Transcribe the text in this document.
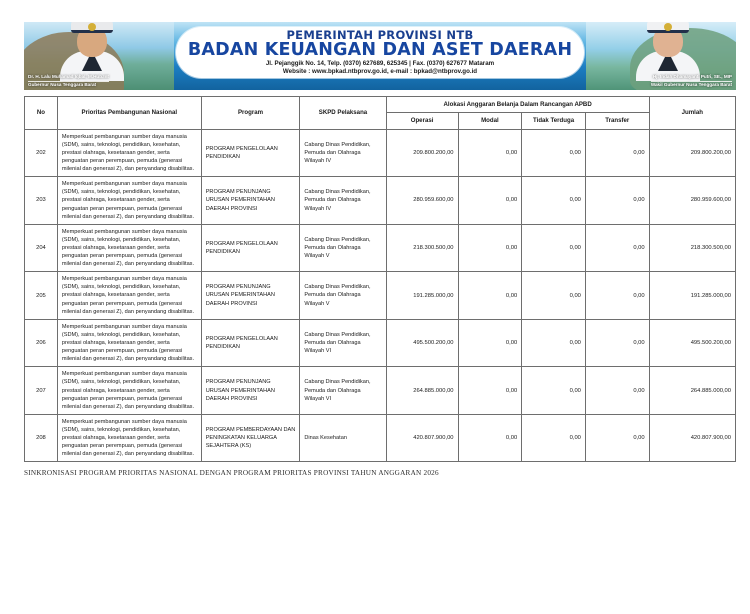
Dr. H. Lalu Muhamad Iqbal, M.Hub.Int
Gubernur Nusa Tenggara Barat
Hj. Indah Dhamayanti Putri, SE., MIP
Wakil Gubernur Nusa Tenggara Barat
PEMERINTAH PROVINSI NTB
BADAN KEUANGAN DAN ASET DAERAH
Jl. Pejanggik No. 14, Telp. (0370) 627689, 625345 | Fax. (0370) 627677 Mataram
Website : www.bpkad.ntbprov.go.id, e-mail : bpkad@ntbprov.go.id
No	Prioritas Pembangunan Nasional	Program	SKPD Pelaksana	Alokasi Anggaran Belanja Dalam Rancangan APBD				Jumlah
				Operasi	Modal	Tidak Terduga	Transfer	
202	Memperkuat pembangunan sumber daya manusia (SDM), sains, teknologi, pendidikan, kesehatan, prestasi olahraga, kesetaraan gender, serta penguatan peran perempuan, pemuda (generasi milenial dan generasi Z), dan penyandang disabilitas.	PROGRAM PENGELOLAAN PENDIDIKAN	Cabang Dinas Pendidikan, Pemuda dan Olahraga Wilayah IV	209.800.200,00	0,00	0,00	0,00	209.800.200,00
203	Memperkuat pembangunan sumber daya manusia (SDM), sains, teknologi, pendidikan, kesehatan, prestasi olahraga, kesetaraan gender, serta penguatan peran perempuan, pemuda (generasi milenial dan generasi Z), dan penyandang disabilitas.	PROGRAM PENUNJANG URUSAN PEMERINTAHAN DAERAH PROVINSI	Cabang Dinas Pendidikan, Pemuda dan Olahraga Wilayah IV	280.959.600,00	0,00	0,00	0,00	280.959.600,00
204	Memperkuat pembangunan sumber daya manusia (SDM), sains, teknologi, pendidikan, kesehatan, prestasi olahraga, kesetaraan gender, serta penguatan peran perempuan, pemuda (generasi milenial dan generasi Z), dan penyandang disabilitas.	PROGRAM PENGELOLAAN PENDIDIKAN	Cabang Dinas Pendidikan, Pemuda dan Olahraga Wilayah V	218.300.500,00	0,00	0,00	0,00	218.300.500,00
205	Memperkuat pembangunan sumber daya manusia (SDM), sains, teknologi, pendidikan, kesehatan, prestasi olahraga, kesetaraan gender, serta penguatan peran perempuan, pemuda (generasi milenial dan generasi Z), dan penyandang disabilitas.	PROGRAM PENUNJANG URUSAN PEMERINTAHAN DAERAH PROVINSI	Cabang Dinas Pendidikan, Pemuda dan Olahraga Wilayah V	191.285.000,00	0,00	0,00	0,00	191.285.000,00
206	Memperkuat pembangunan sumber daya manusia (SDM), sains, teknologi, pendidikan, kesehatan, prestasi olahraga, kesetaraan gender, serta penguatan peran perempuan, pemuda (generasi milenial dan generasi Z), dan penyandang disabilitas.	PROGRAM PENGELOLAAN PENDIDIKAN	Cabang Dinas Pendidikan, Pemuda dan Olahraga Wilayah VI	495.500.200,00	0,00	0,00	0,00	495.500.200,00
207	Memperkuat pembangunan sumber daya manusia (SDM), sains, teknologi, pendidikan, kesehatan, prestasi olahraga, kesetaraan gender, serta penguatan peran perempuan, pemuda (generasi milenial dan generasi Z), dan penyandang disabilitas.	PROGRAM PENUNJANG URUSAN PEMERINTAHAN DAERAH PROVINSI	Cabang Dinas Pendidikan, Pemuda dan Olahraga Wilayah VI	264.885.000,00	0,00	0,00	0,00	264.885.000,00
208	Memperkuat pembangunan sumber daya manusia (SDM), sains, teknologi, pendidikan, kesehatan, prestasi olahraga, kesetaraan gender, serta penguatan peran perempuan, pemuda (generasi milenial dan generasi Z), dan penyandang disabilitas.	PROGRAM PEMBERDAYAAN DAN PENINGKATAN KELUARGA SEJAHTERA (KS)	Dinas Kesehatan	420.807.900,00	0,00	0,00	0,00	420.807.900,00
SINKRONISASI PROGRAM PRIORITAS NASIONAL DENGAN PROGRAM PRIORITAS PROVINSI TAHUN ANGGARAN 2026
